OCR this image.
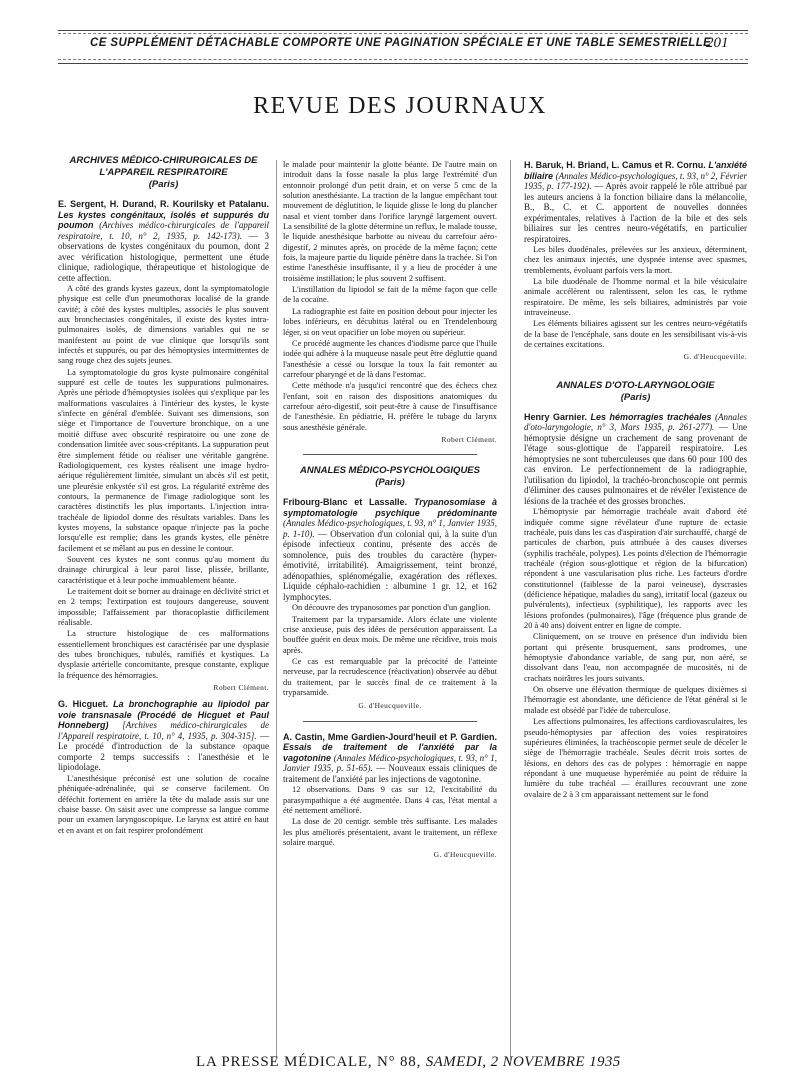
CE SUPPLÉMENT DÉTACHABLE COMPORTE UNE PAGINATION SPÉCIALE ET UNE TABLE SEMESTRIELLE
201
REVUE DES JOURNAUX
ARCHIVES MÉDICO-CHIRURGICALES DE L'APPAREIL RESPIRATOIRE
(Paris)

E. Sergent, H. Durand, R. Kourilsky et Patalanu. Les kystes congénitaux, isolés et suppurés du poumon (Archives médico-chirurgicales de l'appareil respiratoire, t. 10, n° 2, 1935, p. 142-173). — 3 observations de kystes congénitaux du poumon, dont 2 avec vérification histologique, permettent une étude clinique, radiologique, thérapeutique et histologique de cette affection.

A côté des grands kystes gazeux, dont la symptomatologie physique est celle d'un pneumothorax localisé de la grande cavité; à côté des kystes multiples, associés le plus souvent aux bronchectasies congénitales, il existe des kystes intra-pulmonaires isolés, de dimensions variables qui ne se manifestent au point de vue clinique que lorsqu'ils sont infectés et suppurés, ou par des hémoptysies intermittentes de sang rouge chez des sujets jeunes.

La symptomatologie du gros kyste pulmonaire congénital suppuré est celle de toutes les suppurations pulmonaires. Après une période d'hémoptysies isolées qui s'explique par les malformations vasculaires à l'intérieur des kystes, le kyste s'infecte en général d'emblée. Suivant ses dimensions, son siège et l'importance de l'ouverture bronchique, on a une moitié diffuse avec obscurité respiratoire ou une zone de condensation limitée avec sous-crépitants. La suppuration peut être simplement fétide ou réaliser une véritable gangrène. Radiologiquement, ces kystes réalisent une image hydro-aérique régulièrement limitée, simulant un abcès s'il est petit, une pleurésie enkystée s'il est gros. La régularité extrême des contours, la permanence de l'image radiologique sont les caractères distinctifs les plus importants. L'injection intra-trachéale de lipiodol donne des résultats variables. Dans les kystes moyens, la substance opaque n'injecte pas la poche lorsqu'elle est remplie; dans les grands kystes, elle pénètre facilement et se mêlant au pus en dessine le contour.

Souvent ces kystes ne sont connus qu'au moment du drainage chirurgical à leur paroi lisse, plissée, brillante, caractéristique et à leur poche immuablement béante.

Le traitement doit se borner au drainage en déclivité strict et en 2 temps; l'extirpation est toujours dangereuse, souvent impossible; l'affaissement par thoracoplastie difficilement réalisable.

La structure histologique de ces malformations essentiellement bronchiques est caractérisée par une dysplasie des tubes bronchiques, tubulés, ramifiés et kystiques. La dysplasie artérielle concomitante, presque constante, explique la fréquence des hémorragies.

Robert Clément.

G. Hicguet. La bronchographie au lipiodol par voie transnasale (Procédé de Hicguet et Paul Honneberg) [Archives médico-chirurgicales de l'Appareil respiratoire, t. 10, n° 4, 1935, p. 304-315]. — Le procédé d'introduction de la substance opaque comporte 2 temps successifs : l'anesthésie et le lipiodolage.

L'anesthésique préconisé est une solution de cocaïne phéniquée-adrénalinée, qui se conserve facilement. On déféchit fortement en arrière la tête du malade assis sur une chaise basse. On saisit avec une compresse sa langue comme pour un examen laryngoscopique. Le larynx est attiré en haut et en avant et on fait respirer profondément

le malade pour maintenir la glotte béante. De l'autre main on introduit dans la fosse nasale la plus large l'extrémité d'un entonnoir prolongé d'un petit drain, et on verse 5 cmc de la solution anesthésiante. La traction de la langue empêchant tout mouvement de déglutition, le liquide glisse le long du plancher nasal et vient tomber dans l'orifice laryngé largement ouvert. La sensibilité de la glotte détermine un reflux, le malade tousse, le liquide anesthésique barbotte au niveau du carrefour aéro-digestif, 2 minutes après, on procède de la même façon; cette fois, la majeure partie du liquide pénètre dans la trachée. Si l'on estime l'anesthésie insuffisante, il y a lieu de procéder à une troisième instillation; le plus souvent 2 suffisent.

L'instillation du lipiodol se fait de la même façon que celle de la cocaïne.

La radiographie est faite en position debout pour injecter les lobes inférieurs, en décubitus latéral ou en Trendelenbourg léger, si on veut opacifier un lobe moyen ou supérieur.

Ce procédé augmente les chances d'iodisme parce que l'huile iodée qui adhère à la muqueuse nasale peut être dégluttie quand l'anesthésie a cessé ou lorsque la toux la fait remonter au carrefour pharyngé et de là dans l'estomac.

Cette méthode n'a jusqu'ici rencontré que des échecs chez l'enfant, soit en raison des dispositions anatomiques du carrefour aéro-digestif, soit peut-être à cause de l'insuffisance de l'anesthésie. En pédiatrie, H. préfère le tubage du larynx sous anesthésie générale.

Robert Clément.
ANNALES MÉDICO-PSYCHOLOGIQUES
(Paris)

Fribourg-Blanc et Lassalle. Trypanosomiase à symptomatologie psychique prédominante (Annales Médico-psychologiques, t. 93, n° 1, Janvier 1935, p. 1-10). — Observation d'un colonial qui, à la suite d'un épisode infectieux continu, présente des accès de somnolence, puis des troubles du caractère (hyper-émotivité, irritabilité). Amaigrissement, teint bronzé, adénopathies, splénomégalie, exagération des réflexes. Liquide céphalo-rachidien : albumine 1 gr. 12, et 162 lymphocytes.

On découvre des trypanosomes par ponction d'un ganglion.

Traitement par la tryparsamide. Alors éclate une violente crise anxieuse, puis des idées de persécution apparaissent. La bouffée guérit en deux mois. De même une récidive, trois mois après.

Ce cas est remarquable par la précocité de l'atteinte nerveuse, par la recrudescence (réactivation) observée au début du traitement, par le succès final de ce traitement à la tryparsamide.

G. d'Heucqueville.

A. Castin, Mme Gardien-Jourd'heuil et P. Gardien. Essais de traitement de l'anxiété par la vagotonine (Annales Médico-psychologiques, t. 93, n° 1, Janvier 1935, p. 51-65). — Nouveaux essais cliniques de traitement de l'anxiété par les injections de vagotonine.

12 observations. Dans 9 cas sur 12, l'excitabilité du parasympathique a été augmentée. Dans 4 cas, l'état mental a été nettement amélioré.

La dose de 20 centigr. semble très suffisante. Les malades les plus améliorés présentaient, avant le traitement, un réflexe solaire marqué.

G. d'Heucqueville.

H. Baruk, H. Briand, L. Camus et R. Cornu. L'anxiété biliaire (Annales Médico-psychologiques, t. 93, n° 2, Février 1935, p. 177-192). — Après avoir rappelé le rôle attribué par les auteurs anciens à la fonction biliaire dans la mélancolie, B., B., C. et C. apportent de nouvelles données expérimentales, relatives à l'action de la bile et des sels biliaires sur les centres neuro-végétatifs, en particulier respiratoires.

Les biles duodénales, prélevées sur les anxieux, déterminent, chez les animaux injectés, une dyspnée intense avec spasmes, tremblements, évoluant parfois vers la mort.

La bile duodénale de l'homme normal et la bile vésiculaire animale accélèrent ou ralentissent, selon les cas, le rythme respiratoire. De même, les sels biliaires, administrés par voie intraveineuse.

Les éléments biliaires agissent sur les centres neuro-végétatifs de la base de l'encéphale, sans doute en les sensibilisant vis-à-vis de certaines excitations.

G. d'Heucqueville.
ANNALES D'OTO-LARYNGOLOGIE
(Paris)

Henry Garnier. Les hémorragies trachéales (Annales d'oto-laryngologie, n° 3, Mars 1935, p. 261-277). — Une hémoptysie désigne un crachement de sang provenant de l'étage sous-glottique de l'appareil respiratoire. Les hémoptysies ne sont tuberculeuses que dans 60 pour 100 des cas environ. Le perfectionnement de la radiographie, l'utilisation du lipiodol, la trachéo-bronchoscopie ont permis d'éliminer des causes pulmonaires et de révéler l'existence de lésions de la trachée et des grosses bronches.

L'hémoptysie par hémorragie trachéale avait d'abord été indiquée comme signe révélateur d'une rupture de ectasie trachéale, puis dans les cas d'aspiration d'air surchauffé, chargé de particules de charbon, puis attribuée à des causes diverses (syphilis trachéale, polypes). Les points d'élection de l'hémorragie trachéale (région sous-glottique et région de la bifurcation) répondent à une vascularisation plus riche. Les facteurs d'ordre constitutionnel (faiblesse de la paroi veineuse), dyscrasies (déficience hépatique, maladies du sang), irritatif local (gazeux ou pulvérulents), infectieux (syphilitique), les rapports avec les lésions profondes (pulmonaires), l'âge (fréquence plus grande de 20 à 40 ans) doivent entrer en ligne de compte.

Cliniquement, on se trouve en présence d'un individu bien portant qui présente brusquement, sans prodromes, une hémoptysie d'abondance variable, de sang pur, non aéré, se dissolvant dans l'eau, non accompagnée de mucosités, ni de crachats noirâtres les jours suivants.

On observe une élévation thermique de quelques dixièmes si l'hémorragie est abondante, une déficience de l'état général si le malade est obsédé par l'idée de tuberculose.

Les affections pulmonaires, les affections cardiovasculaires, les pseudo-hémoptysies par affection des voies respiratoires supérieures éliminées, la trachéoscopie permet seule de déceler le siège de l'hémorragie trachéale. Seules décrit trois sortes de lésions, en dehors des cas de polypes : hémorragie en nappe répondant à une muqueuse hyperémiée au point de réduire la lumière du tube trachéal — éraillures recouvrant une zone ovalaire de 2 à 3 cm apparaissant nettement sur le fond

LA PRESSE MÉDICALE, N° 88, SAMEDI, 2 NOVEMBRE 1935
